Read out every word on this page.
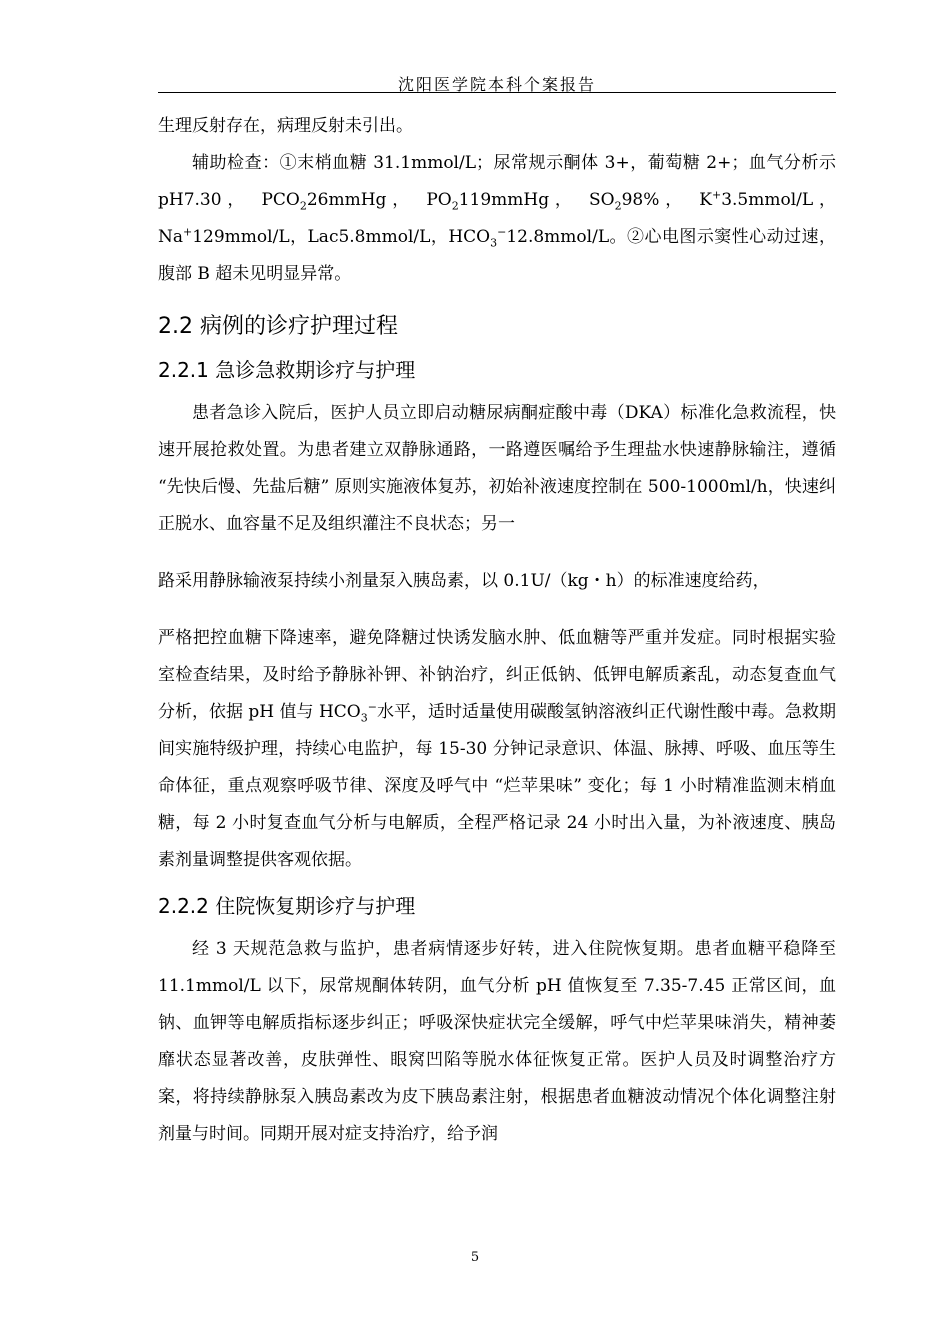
沈阳医学院本科个案报告

生理反射存在，病理反射未引出。

辅助检查：①末梢血糖 31.1mmol/L；尿常规示酮体 3+，葡萄糖 2+；血气分析示 pH7.30， $PCO_226mmHg$， $PO_2119mmHg$， $SO_298\%$， K+3.5mmol/L， Na+129mmol/L，Lac5.8mmol/L，$HCO_3^-12.8mmol/L$。②心电图示窦性心动过速，腹部 B 超未见明显异常。

2.2 病例的诊疗护理过程
2.2.1 急诊急救期诊疗与护理

患者急诊入院后，医护人员立即启动糖尿病酮症酸中毒（DKA）标准化急救流程，快速开展抢救处置。为患者建立双静脉通路，一路遵医嘱给予生理盐水快速静脉输注，遵循 “先快后慢、先盐后糖” 原则实施液体复苏，初始补液速度控制在 500-1000ml/h，快速纠正脱水、血容量不足及组织灌注不良状态；另一

路采用静脉输液泵持续小剂量泵入胰岛素，以 0.1U/（kg・h）的标准速度给药，

严格把控血糖下降速率，避免降糖过快诱发脑水肿、低血糖等严重并发症。同时根据实验室检查结果，及时给予静脉补钾、补钠治疗，纠正低钠、低钾电解质紊乱，动态复查血气分析，依据 pH 值与 $HCO_3^-$水平，适时适量使用碳酸氢钠溶液纠正代谢性酸中毒。急救期间实施特级护理，持续心电监护，每 15-30 分钟记录意识、体温、脉搏、呼吸、血压等生命体征，重点观察呼吸节律、深度及呼气中 “烂苹果味” 变化；每 1 小时精准监测末梢血糖，每 2 小时复查血气分析与电解质，全程严格记录 24 小时出入量，为补液速度、胰岛素剂量调整提供客观依据。

2.2.2 住院恢复期诊疗与护理

经 3 天规范急救与监护，患者病情逐步好转，进入住院恢复期。患者血糖平稳降至 11.1mmol/L 以下，尿常规酮体转阴，血气分析 pH 值恢复至 7.35-7.45 正常区间，血钠、血钾等电解质指标逐步纠正；呼吸深快症状完全缓解，呼气中烂苹果味消失，精神萎靡状态显著改善，皮肤弹性、眼窝凹陷等脱水体征恢复正常。医护人员及时调整治疗方案，将持续静脉泵入胰岛素改为皮下胰岛素注射，根据患者血糖波动情况个体化调整注射剂量与时间。同期开展对症支持治疗，给予润

5
